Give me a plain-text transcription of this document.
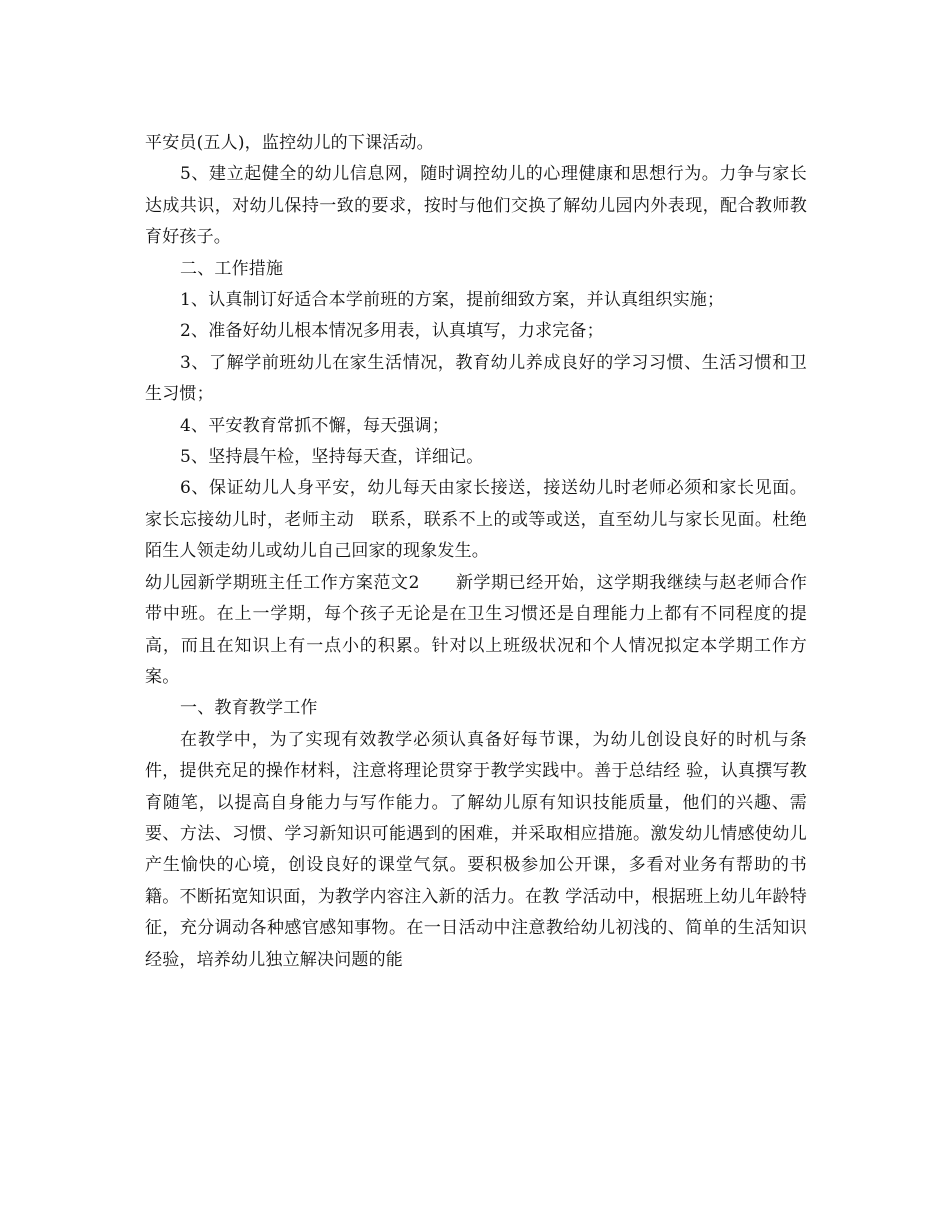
平安员(五人)，监控幼儿的下课活动。

5、建立起健全的幼儿信息网，随时调控幼儿的心理健康和思想行为。力争与家长达成共识，对幼儿保持一致的要求，按时与他们交换了解幼儿园内外表现，配合教师教育好孩子。

二、工作措施

1、认真制订好适合本学前班的方案，提前细致方案，并认真组织实施；

2、准备好幼儿根本情况多用表，认真填写，力求完备；

3、了解学前班幼儿在家生活情况，教育幼儿养成良好的学习习惯、生活习惯和卫生习惯；

4、平安教育常抓不懈，每天强调；

5、坚持晨午检，坚持每天查，详细记。

6、保证幼儿人身平安，幼儿每天由家长接送，接送幼儿时老师必须和家长见面。家长忘接幼儿时，老师主动　联系，联系不上的或等或送，直至幼儿与家长见面。杜绝陌生人领走幼儿或幼儿自己回家的现象发生。

幼儿园新学期班主任工作方案范文2 新学期已经开始，这学期我继续与赵老师合作带中班。在上一学期，每个孩子无论是在卫生习惯还是自理能力上都有不同程度的提高，而且在知识上有一点小的积累。针对以上班级状况和个人情况拟定本学期工作方案。

一、教育教学工作

在教学中，为了实现有效教学必须认真备好每节课，为幼儿创设良好的时机与条件，提供充足的操作材料，注意将理论贯穿于教学实践中。善于总结经 验，认真撰写教育随笔，以提高自身能力与写作能力。了解幼儿原有知识技能质量，他们的兴趣、需要、方法、习惯、学习新知识可能遇到的困难，并采取相应措施。激发幼儿情感使幼儿产生愉快的心境，创设良好的课堂气氛。要积极参加公开课，多看对业务有帮助的书籍。不断拓宽知识面，为教学内容注入新的活力。在教 学活动中，根据班上幼儿年龄特征，充分调动各种感官感知事物。在一日活动中注意教给幼儿初浅的、简单的生活知识经验，培养幼儿独立解决问题的能
